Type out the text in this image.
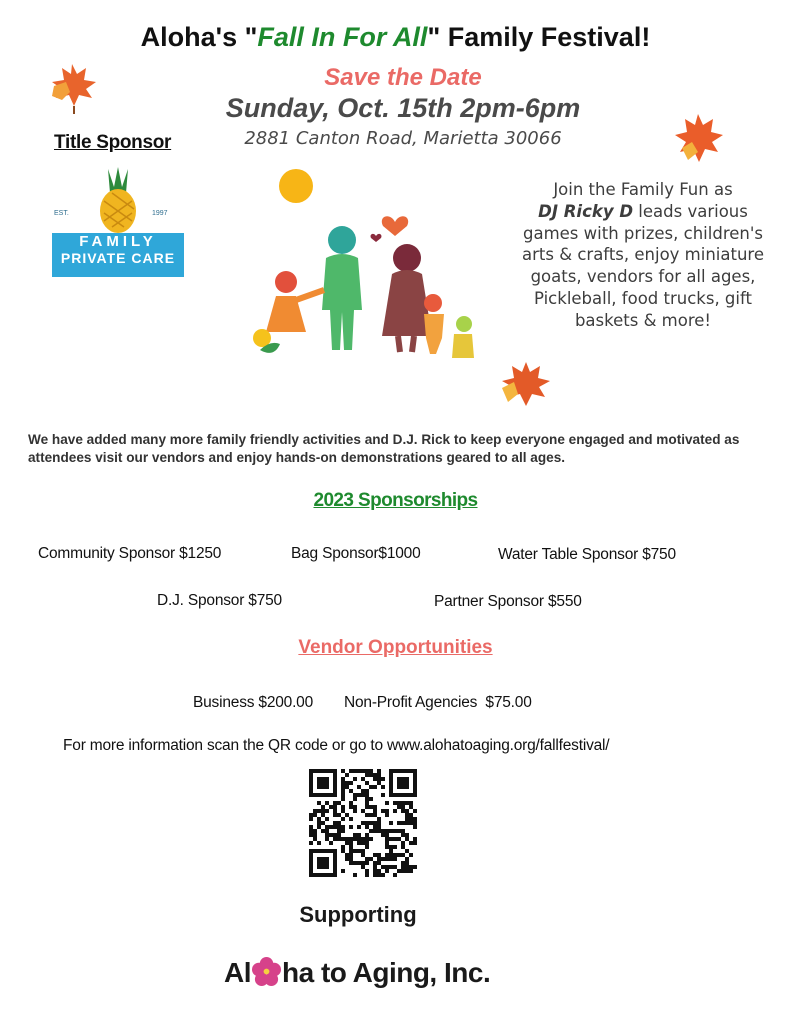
Aloha's "Fall In For All" Family Festival!
Save the Date
Sunday, Oct. 15th 2pm-6pm
2881 Canton Road, Marietta 30066
Title Sponsor
EST.	1997
FAMILY
PRIVATE CARE
SERVICES
Join the Family Fun as
DJ Ricky D leads various games with prizes, children's arts & crafts, enjoy miniature goats, vendors for all ages, Pickleball, food trucks, gift baskets & more!
We have added many more family friendly activities and D.J. Rick to keep everyone engaged and motivated as attendees visit our vendors and enjoy hands-on demonstrations geared to all ages.
2023 Sponsorships
Community Sponsor $1250	Bag Sponsor$1000	Water Table Sponsor $750
D.J. Sponsor $750	Partner Sponsor $550
Vendor Opportunities
Business $200.00 Non-Profit Agencies  $75.00
For more information scan the QR code or go to www.alohatoaging.org/fallfestival/
Supporting
Al ha to Aging, Inc.
